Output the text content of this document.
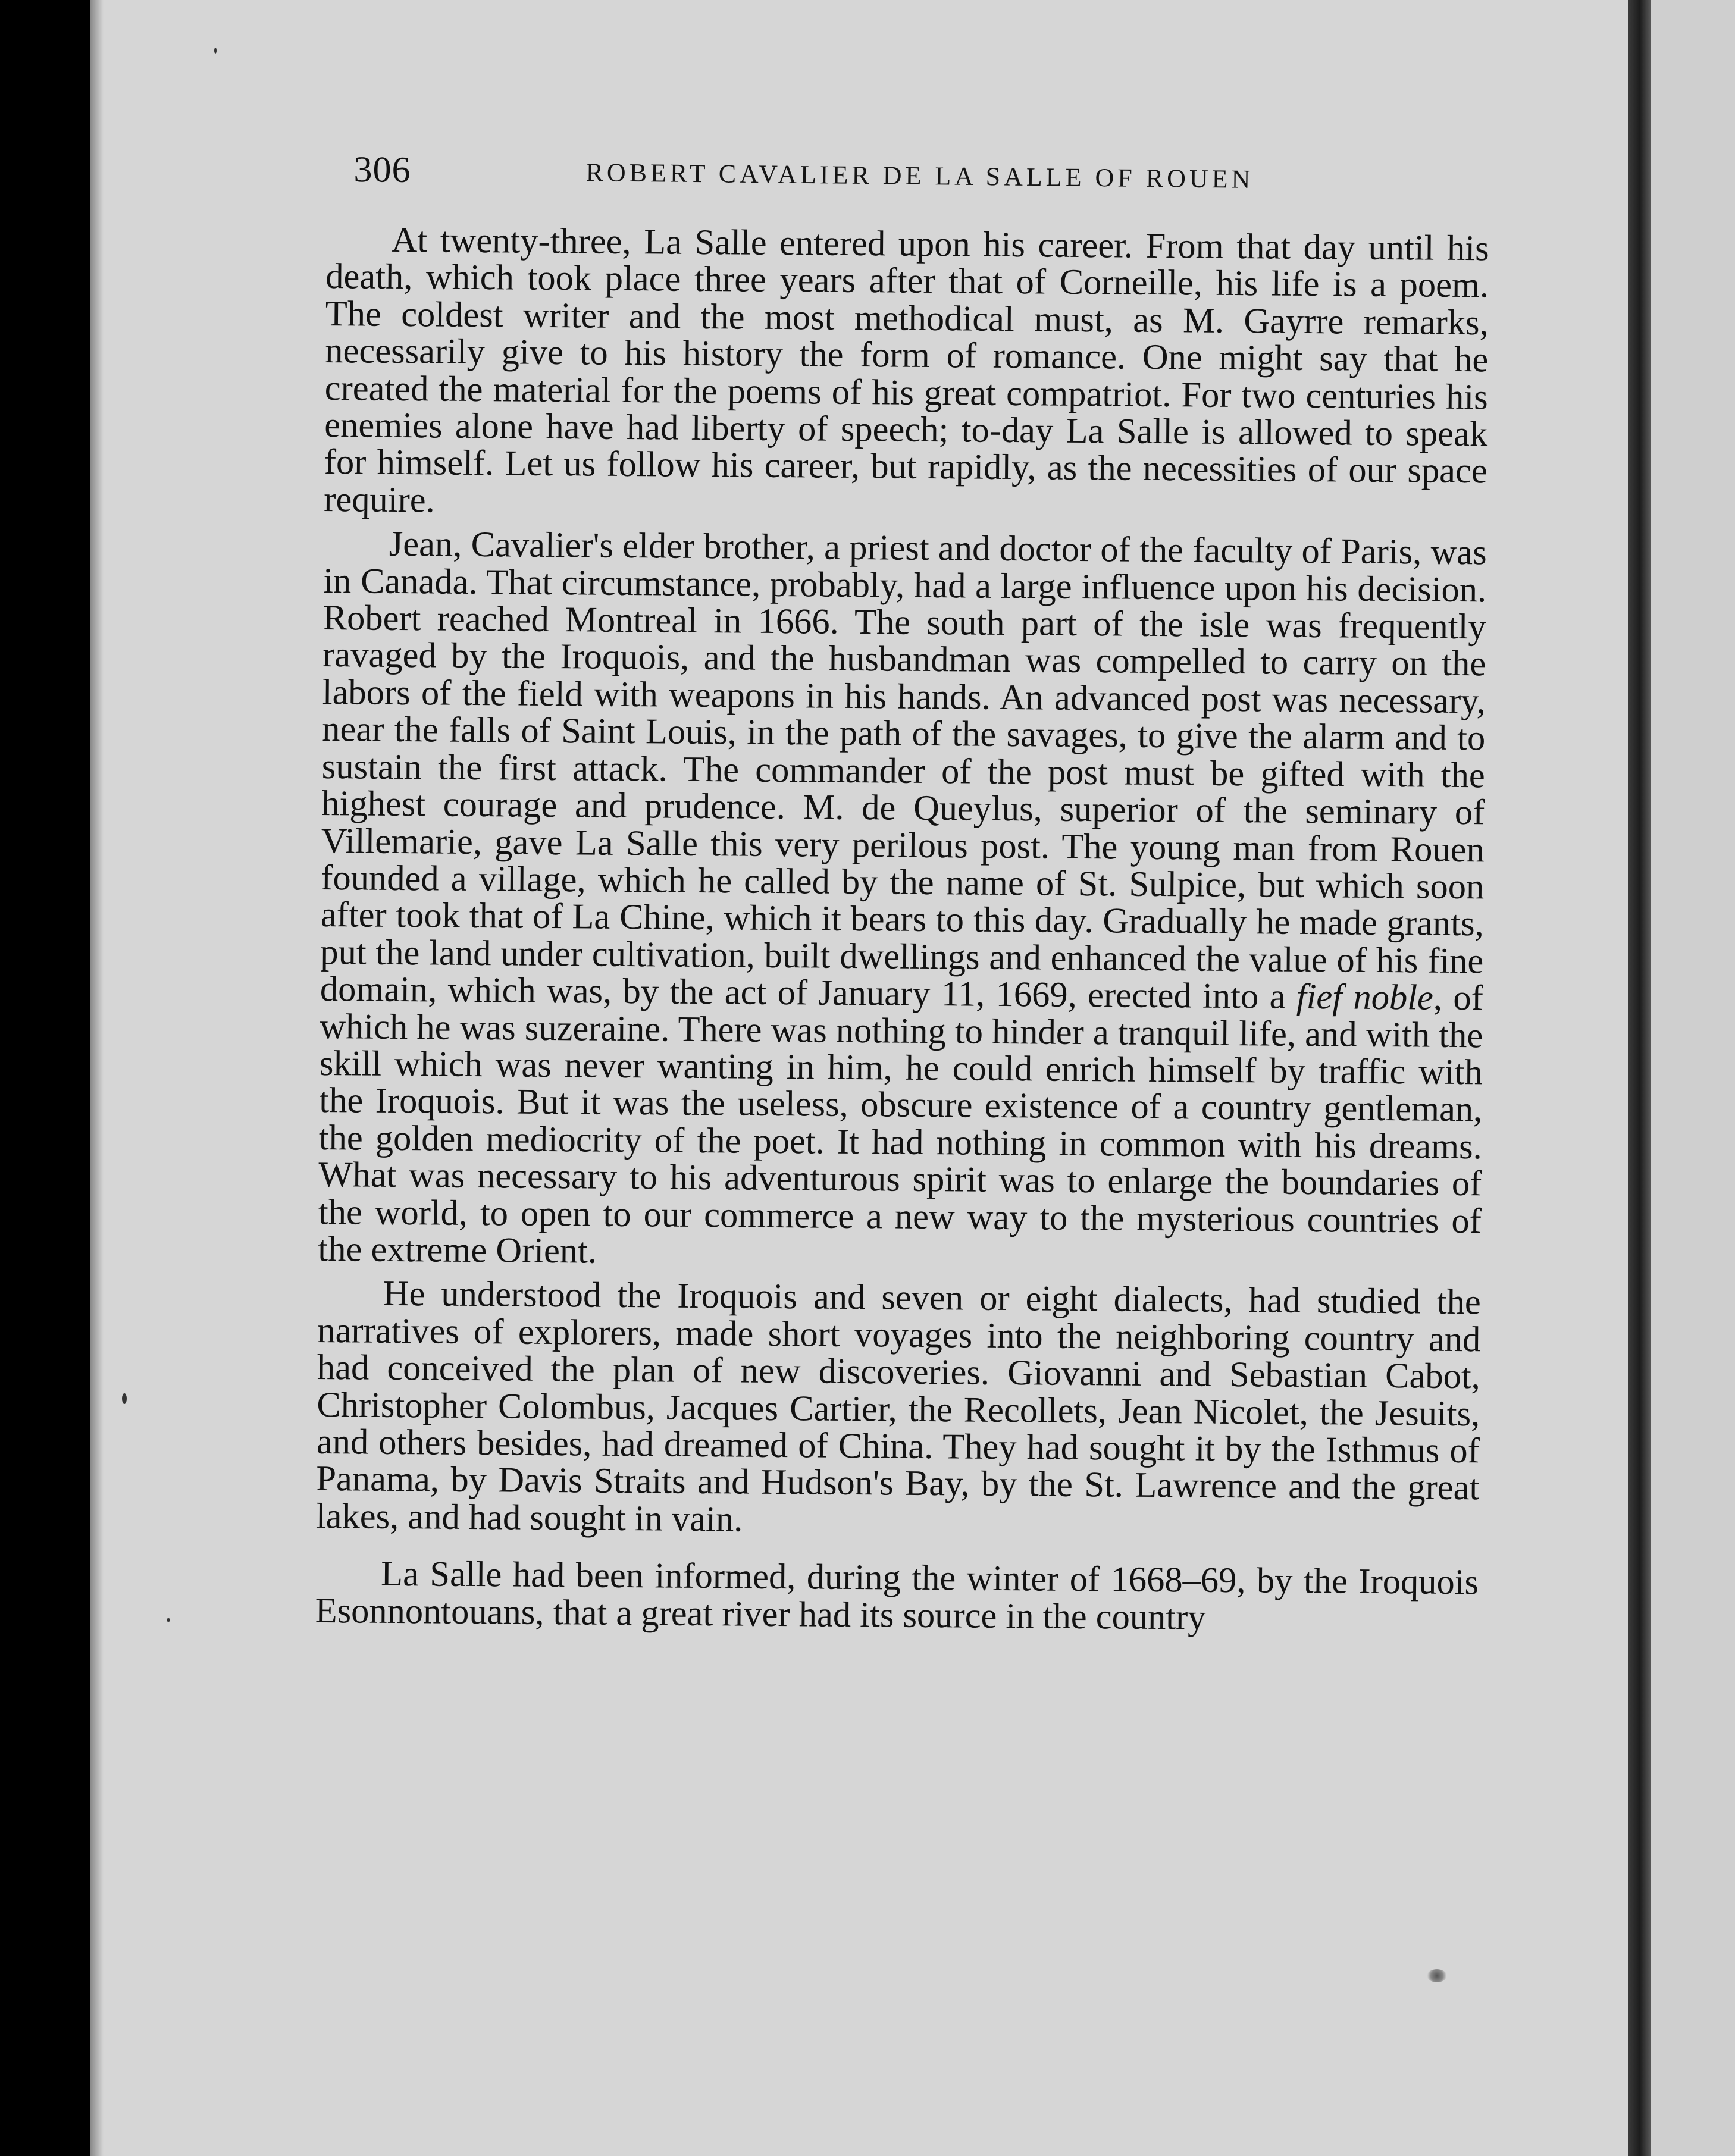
306	ROBERT CAVALIER DE LA SALLE OF ROUEN

At twenty-three, La Salle entered upon his career. From that day until his death, which took place three years after that of Corneille, his life is a poem. The coldest writer and the most methodical must, as M. Gayrre remarks, necessarily give to his history the form of romance. One might say that he created the material for the poems of his great compatriot. For two centuries his enemies alone have had liberty of speech; to-day La Salle is allowed to speak for himself. Let us follow his career, but rapidly, as the necessities of our space require.

Jean, Cavalier's elder brother, a priest and doctor of the faculty of Paris, was in Canada. That circumstance, probably, had a large influence upon his decision. Robert reached Montreal in 1666. The south part of the isle was frequently ravaged by the Iroquois, and the husbandman was compelled to carry on the labors of the field with weapons in his hands. An advanced post was necessary, near the falls of Saint Louis, in the path of the savages, to give the alarm and to sustain the first attack. The commander of the post must be gifted with the highest courage and prudence. M. de Queylus, superior of the seminary of Villemarie, gave La Salle this very perilous post. The young man from Rouen founded a village, which he called by the name of St. Sulpice, but which soon after took that of La Chine, which it bears to this day. Gradually he made grants, put the land under cultivation, built dwellings and enhanced the value of his fine domain, which was, by the act of January 11, 1669, erected into a fief noble, of which he was suzeraine. There was nothing to hinder a tranquil life, and with the skill which was never wanting in him, he could enrich himself by traffic with the Iroquois. But it was the useless, obscure existence of a country gentleman, the golden mediocrity of the poet. It had nothing in common with his dreams. What was necessary to his adventurous spirit was to enlarge the boundaries of the world, to open to our commerce a new way to the mysterious countries of the extreme Orient.

He understood the Iroquois and seven or eight dialects, had studied the narratives of explorers, made short voyages into the neighboring country and had conceived the plan of new discoveries. Giovanni and Sebastian Cabot, Christopher Colombus, Jacques Cartier, the Recollets, Jean Nicolet, the Jesuits, and others besides, had dreamed of China. They had sought it by the Isthmus of Panama, by Davis Straits and Hudson's Bay, by the St. Lawrence and the great lakes, and had sought in vain.

La Salle had been informed, during the winter of 1668–69, by the Iroquois Esonnontouans, that a great river had its source in the country
